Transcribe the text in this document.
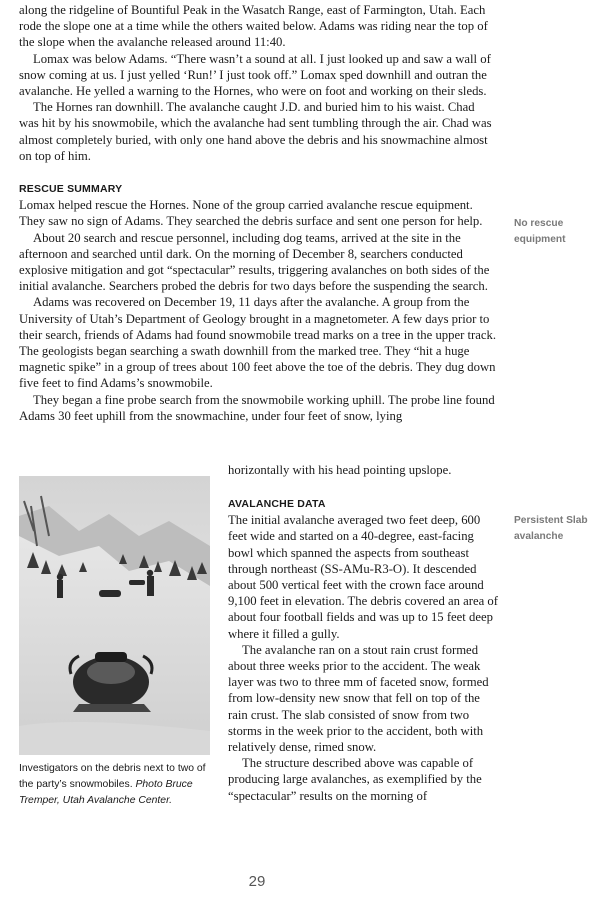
along the ridgeline of Bountiful Peak in the Wasatch Range, east of Farmington, Utah. Each rode the slope one at a time while the others waited below. Adams was riding near the top of the slope when the avalanche released around 11:40.

Lomax was below Adams. “There wasn’t a sound at all. I just looked up and saw a wall of snow coming at us. I just yelled ‘Run!’ I just took off.” Lomax sped downhill and outran the avalanche. He yelled a warning to the Hornes, who were on foot and working on their sleds.

The Hornes ran downhill. The avalanche caught J.D. and buried him to his waist. Chad was hit by his snowmobile, which the avalanche had sent tumbling through the air. Chad was almost completely buried, with only one hand above the debris and his snowmachine almost on top of him.

RESCUE SUMMARY

Lomax helped rescue the Hornes. None of the group carried avalanche rescue equipment. They saw no sign of Adams. They searched the debris surface and sent one person for help.

About 20 search and rescue personnel, including dog teams, arrived at the site in the afternoon and searched until dark. On the morning of December 8, searchers conducted explosive mitigation and got “spectacular” results, triggering avalanches on both sides of the initial avalanche. Searchers probed the debris for two days before the suspending the search.

Adams was recovered on December 19, 11 days after the avalanche. A group from the University of Utah’s Department of Geology brought in a magnetometer. A few days prior to their search, friends of Adams had found snowmobile tread marks on a tree in the upper track. The geologists began searching a swath downhill from the marked tree. They “hit a huge magnetic spike” in a group of trees about 100 feet above the toe of the debris. They dug down five feet to find Adams’s snowmobile.

They began a fine probe search from the snowmobile working uphill. The probe line found Adams 30 feet uphill from the snowmachine, under four feet of snow, lying

horizontally with his head pointing upslope.
No rescue
equipment
Investigators on the debris next to two of the party’s snowmobiles. Photo Bruce Tremper, Utah Avalanche Center.

AVALANCHE DATA

The initial avalanche averaged two feet deep, 600 feet wide and started on a 40-degree, east-facing bowl which spanned the aspects from southeast through northeast (SS-AMu-R3-O). It descended about 500 vertical feet with the crown face around 9,100 feet in elevation. The debris covered an area of about four football fields and was up to 15 feet deep where it filled a gully.

The avalanche ran on a stout rain crust formed about three weeks prior to the accident. The weak layer was two to three mm of faceted snow, formed from low-density new snow that fell on top of the rain crust. The slab consisted of snow from two storms in the week prior to the accident, both with relatively dense, rimed snow.

The structure described above was capable of producing large avalanches, as exemplified by the “spectacular” results on the morning of

Persistent Slab
avalanche
29
